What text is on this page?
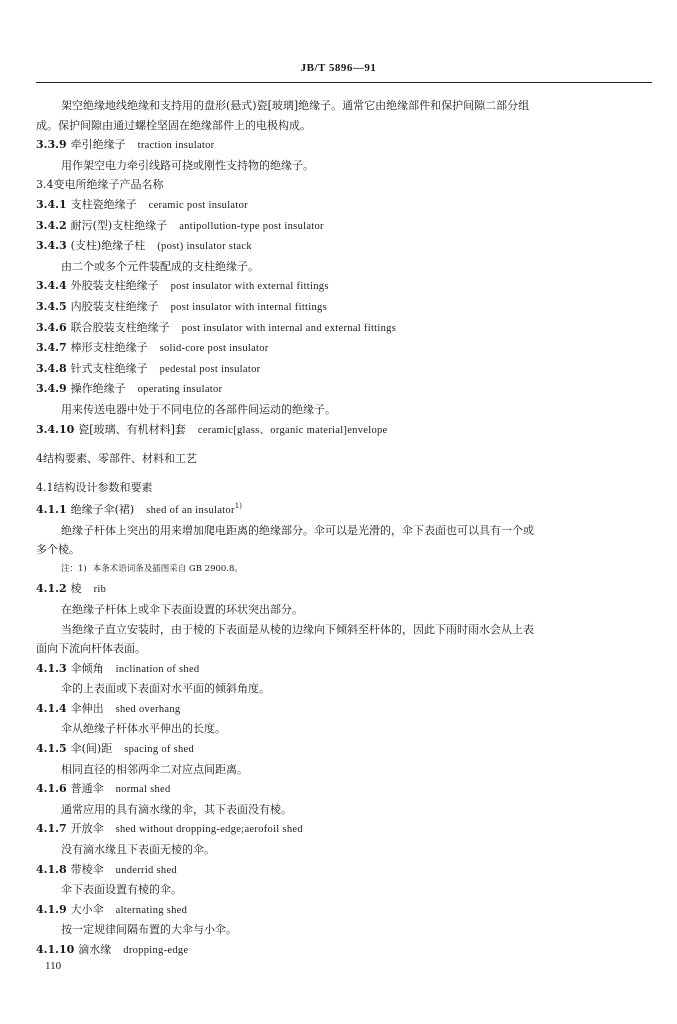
JB/T 5896—91
架空绝缘地线绝缘和支持用的盘形(悬式)瓷[玻璃]绝缘子。通常它由绝缘部件和保护间隙二部分组
成。保护间隙由通过螺栓坚固在绝缘部件上的电极构成。
3.3.9 牵引绝缘子 traction insulator
用作架空电力牵引线路可挠或刚性支持物的绝缘子。
3.4变电所绝缘子产品名称
3.4.1 支柱瓷绝缘子 ceramic post insulator
3.4.2 耐污(型)支柱绝缘子 antipollution-type post insulator
3.4.3 (支柱)绝缘子柱 (post) insulator stack
由二个或多个元件装配成的支柱绝缘子。
3.4.4 外胶装支柱绝缘子 post insulator with external fittings
3.4.5 内胶装支柱绝缘子 post insulator with internal fittings
3.4.6 联合胶装支柱绝缘子 post insulator with internal and external fittings
3.4.7 棒形支柱绝缘子 solid-core post insulator
3.4.8 针式支柱绝缘子 pedestal post insulator
3.4.9 操作绝缘子 operating insulator
用来传送电器中处于不同电位的各部件间运动的绝缘子。
3.4.10 瓷[玻璃、有机材料]套 ceramic[glass、organic material]envelope
4结构要素、零部件、材料和工艺
4.1结构设计参数和要素
4.1.1 绝缘子伞(裙) shed of an insulator$^{1)}$
绝缘子杆体上突出的用来增加爬电距离的绝缘部分。伞可以是光滑的，伞下表面也可以具有一个或
多个棱。
注：1) 本条术语词条及插图采自 GB 2900.8。
4.1.2 棱 rib
在绝缘子杆体上或伞下表面设置的环状突出部分。
当绝缘子直立安装时，由于棱的下表面是从棱的边缘向下倾斜至杆体的，因此下雨时雨水会从上表
面向下流向杆体表面。
4.1.3 伞倾角 inclination of shed
伞的上表面或下表面对水平面的倾斜角度。
4.1.4 伞伸出 shed overhang
伞从绝缘子杆体水平伸出的长度。
4.1.5 伞(间)距 spacing of shed
相同直径的相邻两伞二对应点间距离。
4.1.6 普通伞 normal shed
通常应用的具有滴水缘的伞，其下表面没有棱。
4.1.7 开放伞 shed without dropping-edge;aerofoil shed
没有滴水缘且下表面无棱的伞。
4.1.8 带棱伞 underrid shed
伞下表面设置有棱的伞。
4.1.9 大小伞 alternating shed
按一定规律间隔布置的大伞与小伞。
4.1.10 滴水缘 dropping-edge
110
